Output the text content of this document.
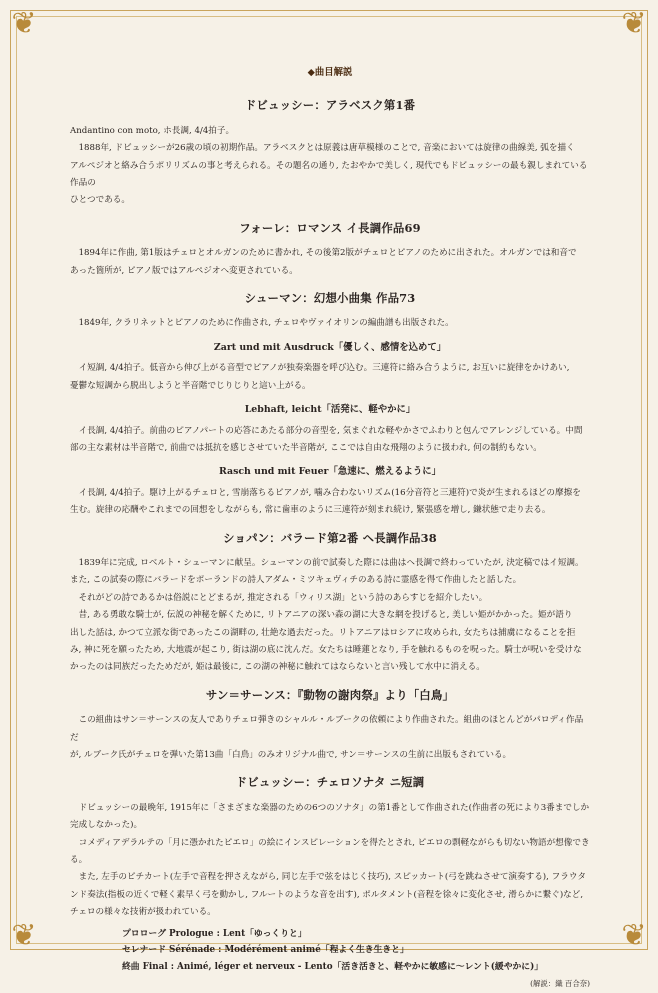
❦	❦
❦	❦
◆曲目解説
ドビュッシー：アラベスク第1番

Andantino con moto, ホ長調, 4/4拍子。

1888年, ドビュッシーが26歳の頃の初期作品。アラベスクとは原義は唐草模様のことで, 音楽においては旋律の曲線美, 弧を描く

アルペジオと絡み合うポリリズムの事と考えられる。その題名の通り, たおやかで美しく, 現代でもドビュッシーの最も親しまれている作品の

ひとつである。

フォーレ：ロマンス イ長調作品69

1894年に作曲, 第1版はチェロとオルガンのために書かれ, その後第2版がチェロとピアノのために出された。オルガンでは和音で

あった箇所が, ピアノ版ではアルペジオへ変更されている。

シューマン：幻想小曲集 作品73

1849年, クラリネットとピアノのために作曲され, チェロやヴァイオリンの編曲譜も出版された。

Zart und mit Ausdruck「優しく、感情を込めて」

イ短調, 4/4拍子。低音から伸び上がる音型でピアノが独奏楽器を呼び込む。三連符に絡み合うように, お互いに旋律をかけあい,

憂鬱な短調から脱出しようと半音階でじりじりと這い上がる。

Lebhaft, leicht「活発に、軽やかに」

イ長調, 4/4拍子。前曲のピアノパートの応答にあたる部分の音型を, 気まぐれな軽やかさでふわりと包んでアレンジしている。中間

部の主な素材は半音階で, 前曲では抵抗を感じさせていた半音階が, ここでは自由な飛翔のように扱われ, 何の制約もない。

Rasch und mit Feuer「急速に、燃えるように」

イ長調, 4/4拍子。駆け上がるチェロと, 雪崩落ちるピアノが, 噛み合わないリズム(16分音符と三連符)で炎が生まれるほどの摩擦を

生む。旋律の応酬やこれまでの回想をしながらも, 常に歯車のように三連符が刻まれ続け, 緊張感を増し, 鎌状態で走り去る。

ショパン：バラード第2番 ヘ長調作品38

1839年に完成, ロベルト・シューマンに献呈。シューマンの前で試奏した際には曲はヘ長調で終わっていたが, 決定稿ではイ短調。

また, この試奏の際にバラードをポーランドの詩人アダム・ミツキェヴィチのある詩に霊感を得て作曲したと話した。

それがどの詩であるかは俗説にとどまるが, 推定される「ウィリス湖」という詩のあらすじを紹介したい。

昔, ある勇敢な騎士が, 伝説の神秘を解くために, リトアニアの深い森の湖に大きな網を投げると, 美しい姫がかかった。姫が語り

出した話は, かつて立派な街であったこの湖畔の, 壮絶な過去だった。リトアニアはロシアに攻められ, 女たちは捕虜になることを拒

み, 神に死を願ったため, 大地震が起こり, 街は湖の底に沈んだ。女たちは睡蓮となり, 手を触れるものを呪った。騎士が呪いを受けな

かったのは同族だったためだが, 姫は最後に, この湖の神秘に触れてはならないと言い残して水中に消える。

サン＝サーンス：『動物の謝肉祭』より「白鳥」

この組曲はサン＝サーンスの友人でありチェロ弾きのシャルル・ルブークの依頼により作曲された。組曲のほとんどがパロディ作品だ

が, ルブーク氏がチェロを弾いた第13曲「白鳥」のみオリジナル曲で, サン＝サーンスの生前に出版もされている。

ドビュッシー：チェロソナタ ニ短調

ドビュッシーの最晩年, 1915年に「さまざまな楽器のための6つのソナタ」の第1番として作曲された(作曲者の死により3番までしか

完成しなかった)。

コメディアデラルテの「月に憑かれたピエロ」の絵にインスピレーションを得たとされ, ピエロの剽軽ながらも切ない物語が想像できる。

また, 左手のピチカート(左手で音程を押さえながら, 同じ左手で弦をはじく技巧), スピッカート(弓を跳ねさせて演奏する), フラウタ

ンド奏法(指板の近くで軽く素早く弓を動かし, フルートのような音を出す), ポルタメント(音程を徐々に変化させ, 滑らかに繋ぐ)など,

チェロの様々な技術が扱われている。

プロローグ Prologue : Lent「ゆっくりと」
セレナード Sérénade : Modérément animé「程よく生き生きと」
終曲 Final : Animé, léger et nerveux - Lento「活き活きと、軽やかに敏感に〜レント(緩やかに)」
(解説：織 百合奈)
